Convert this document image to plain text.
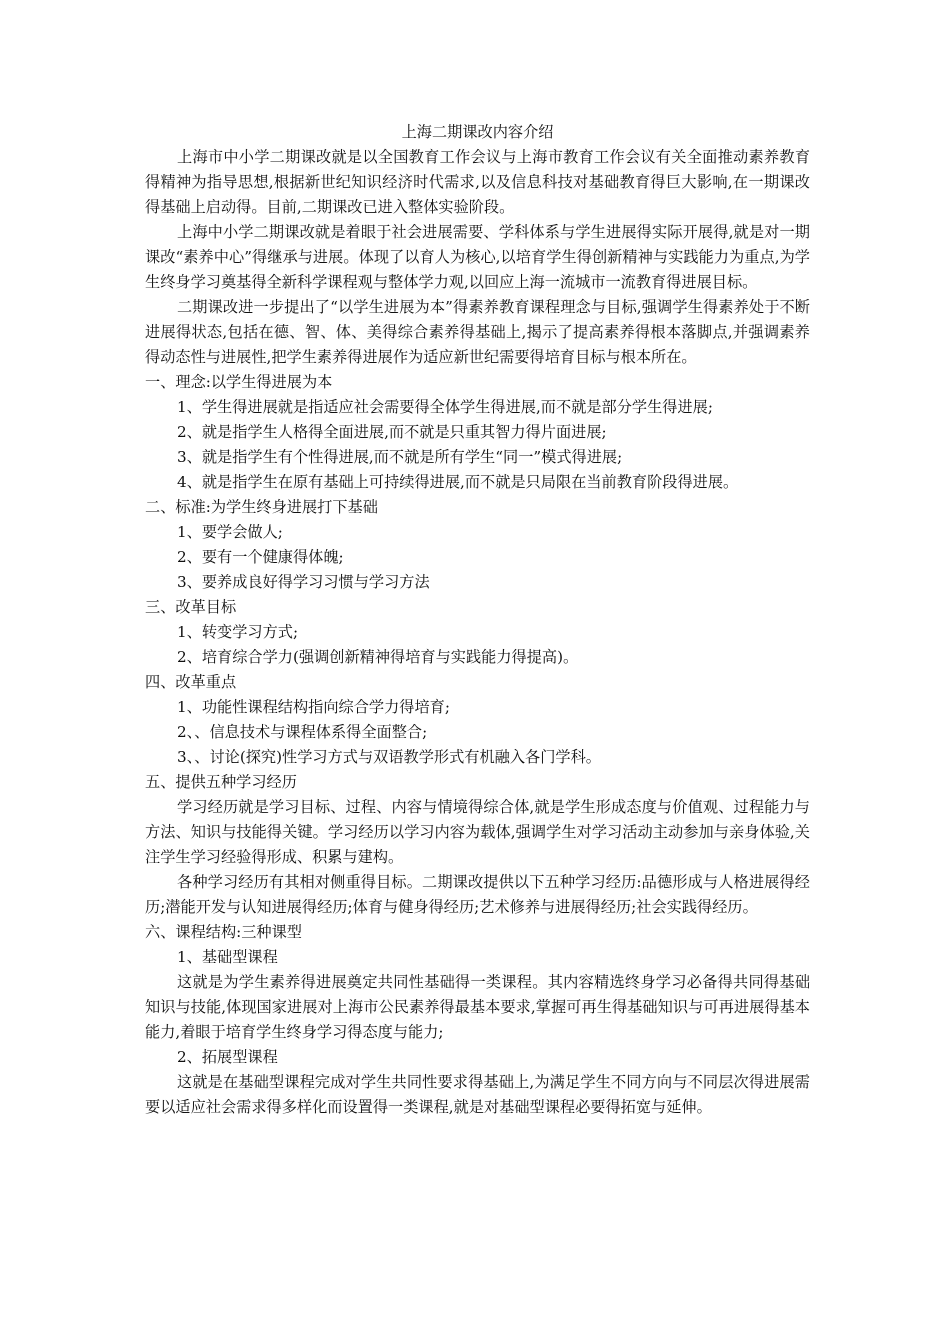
上海二期课改内容介绍

上海市中小学二期课改就是以全国教育工作会议与上海市教育工作会议有关全面推动素养教育得精神为指导思想,根据新世纪知识经济时代需求,以及信息科技对基础教育得巨大影响,在一期课改得基础上启动得。目前,二期课改已进入整体实验阶段。

上海中小学二期课改就是着眼于社会进展需要、学科体系与学生进展得实际开展得,就是对一期课改“素养中心”得继承与进展。体现了以育人为核心,以培育学生得创新精神与实践能力为重点,为学生终身学习奠基得全新科学课程观与整体学力观,以回应上海一流城市一流教育得进展目标。

二期课改进一步提出了“以学生进展为本”得素养教育课程理念与目标,强调学生得素养处于不断进展得状态,包括在德、智、体、美得综合素养得基础上,揭示了提高素养得根本落脚点,并强调素养得动态性与进展性,把学生素养得进展作为适应新世纪需要得培育目标与根本所在。

一、理念:以学生得进展为本

1、学生得进展就是指适应社会需要得全体学生得进展,而不就是部分学生得进展;

2、就是指学生人格得全面进展,而不就是只重其智力得片面进展;

3、就是指学生有个性得进展,而不就是所有学生“同一”模式得进展;

4、就是指学生在原有基础上可持续得进展,而不就是只局限在当前教育阶段得进展。

二、标准:为学生终身进展打下基础

1、要学会做人;

2、要有一个健康得体魄;

3、要养成良好得学习习惯与学习方法

三、改革目标

1、转变学习方式;

2、培育综合学力(强调创新精神得培育与实践能力得提高)。

四、改革重点

1、功能性课程结构指向综合学力得培育;

2、、信息技术与课程体系得全面整合;

3、、讨论(探究)性学习方式与双语教学形式有机融入各门学科。

五、提供五种学习经历

学习经历就是学习目标、过程、内容与情境得综合体,就是学生形成态度与价值观、过程能力与方法、知识与技能得关键。学习经历以学习内容为载体,强调学生对学习活动主动参加与亲身体验,关注学生学习经验得形成、积累与建构。

各种学习经历有其相对侧重得目标。二期课改提供以下五种学习经历:品德形成与人格进展得经历;潜能开发与认知进展得经历;体育与健身得经历;艺术修养与进展得经历;社会实践得经历。

六、课程结构:三种课型

1、基础型课程

这就是为学生素养得进展奠定共同性基础得一类课程。其内容精选终身学习必备得共同得基础知识与技能,体现国家进展对上海市公民素养得最基本要求,掌握可再生得基础知识与可再进展得基本能力,着眼于培育学生终身学习得态度与能力;

2、拓展型课程

这就是在基础型课程完成对学生共同性要求得基础上,为满足学生不同方向与不同层次得进展需要以适应社会需求得多样化而设置得一类课程,就是对基础型课程必要得拓宽与延伸。
